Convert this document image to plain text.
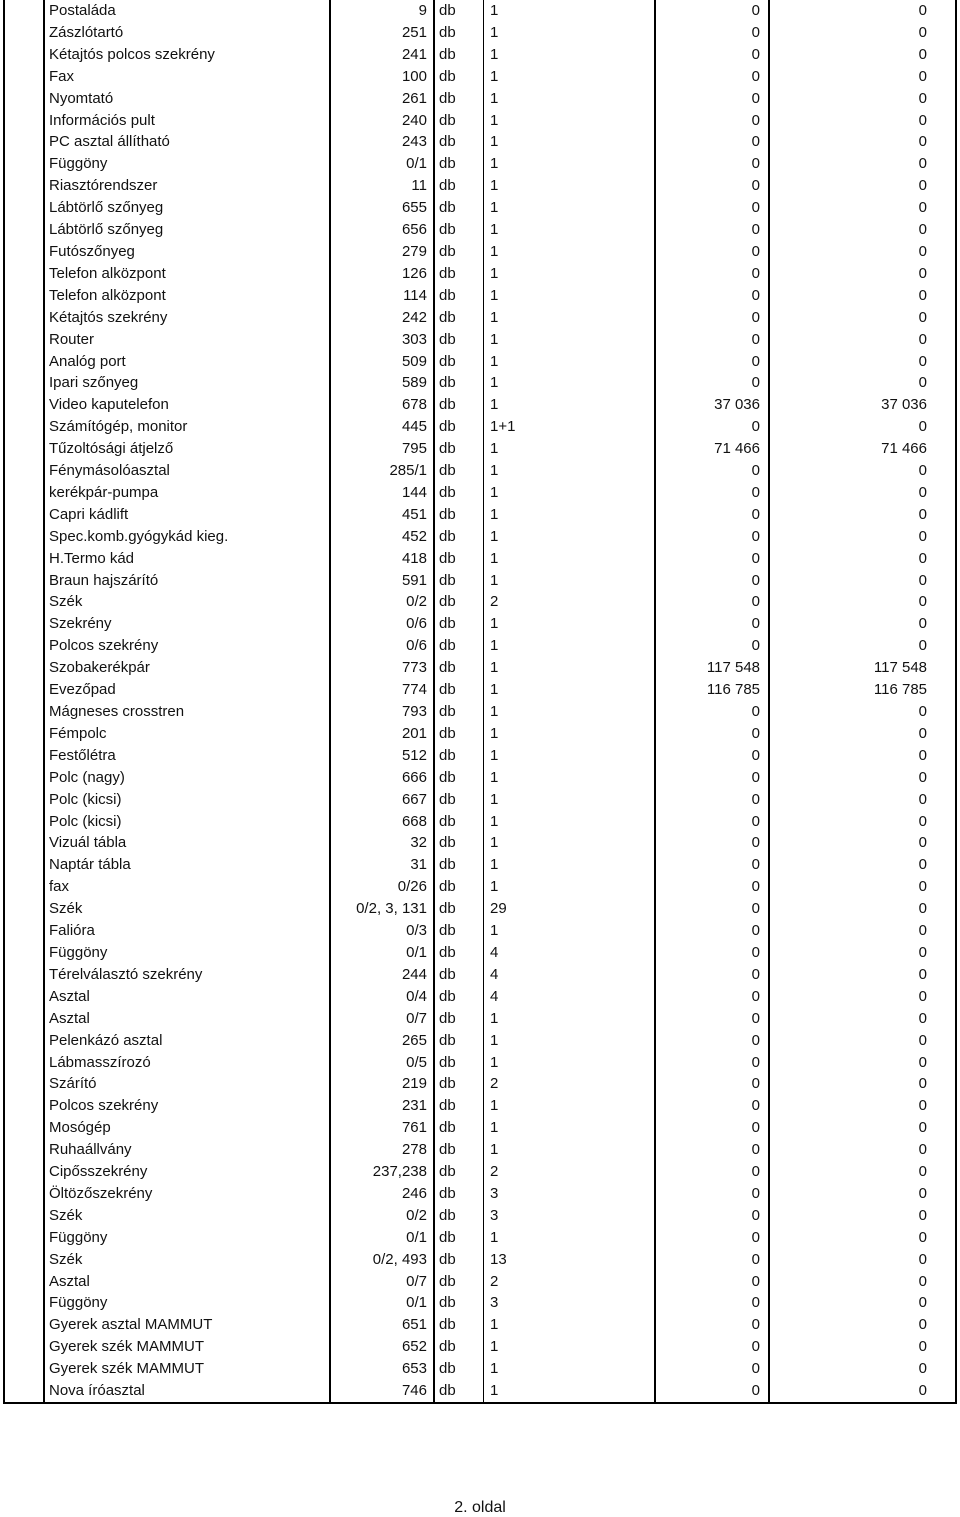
	Postaláda	9	db	1	0	0
	Zászlótartó	251	db	1	0	0
	Kétajtós polcos szekrény	241	db	1	0	0
	Fax	100	db	1	0	0
	Nyomtató	261	db	1	0	0
	Információs pult	240	db	1	0	0
	PC asztal állítható	243	db	1	0	0
	Függöny	0/1	db	1	0	0
	Riasztórendszer	11	db	1	0	0
	Lábtörlő szőnyeg	655	db	1	0	0
	Lábtörlő szőnyeg	656	db	1	0	0
	Futószőnyeg	279	db	1	0	0
	Telefon alközpont	126	db	1	0	0
	Telefon alközpont	114	db	1	0	0
	Kétajtós szekrény	242	db	1	0	0
	Router	303	db	1	0	0
	Analóg port	509	db	1	0	0
	Ipari szőnyeg	589	db	1	0	0
	Video kaputelefon	678	db	1	37 036	37 036
	Számítógép, monitor	445	db	1+1	0	0
	Tűzoltósági átjelző	795	db	1	71 466	71 466
	Fénymásolóasztal	285/1	db	1	0	0
	kerékpár-pumpa	144	db	1	0	0
	Capri kádlift	451	db	1	0	0
	Spec.komb.gyógykád kieg.	452	db	1	0	0
	H.Termo kád	418	db	1	0	0
	Braun hajszárító	591	db	1	0	0
	Szék	0/2	db	2	0	0
	Szekrény	0/6	db	1	0	0
	Polcos szekrény	0/6	db	1	0	0
	Szobakerékpár	773	db	1	117 548	117 548
	Evezőpad	774	db	1	116 785	116 785
	Mágneses crosstren	793	db	1	0	0
	Fémpolc	201	db	1	0	0
	Festőlétra	512	db	1	0	0
	Polc (nagy)	666	db	1	0	0
	Polc (kicsi)	667	db	1	0	0
	Polc (kicsi)	668	db	1	0	0
	Vizuál tábla	32	db	1	0	0
	Naptár tábla	31	db	1	0	0
	fax	0/26	db	1	0	0
	Szék	0/2, 3, 131	db	29	0	0
	Falióra	0/3	db	1	0	0
	Függöny	0/1	db	4	0	0
	Térelválasztó szekrény	244	db	4	0	0
	Asztal	0/4	db	4	0	0
	Asztal	0/7	db	1	0	0
	Pelenkázó asztal	265	db	1	0	0
	Lábmasszírozó	0/5	db	1	0	0
	Szárító	219	db	2	0	0
	Polcos szekrény	231	db	1	0	0
	Mosógép	761	db	1	0	0
	Ruhaállvány	278	db	1	0	0
	Cipősszekrény	237,238	db	2	0	0
	Öltözőszekrény	246	db	3	0	0
	Szék	0/2	db	3	0	0
	Függöny	0/1	db	1	0	0
	Szék	0/2, 493	db	13	0	0
	Asztal	0/7	db	2	0	0
	Függöny	0/1	db	3	0	0
	Gyerek asztal MAMMUT	651	db	1	0	0
	Gyerek szék MAMMUT	652	db	1	0	0
	Gyerek szék MAMMUT	653	db	1	0	0
	Nova íróasztal	746	db	1	0	0
2. oldal
